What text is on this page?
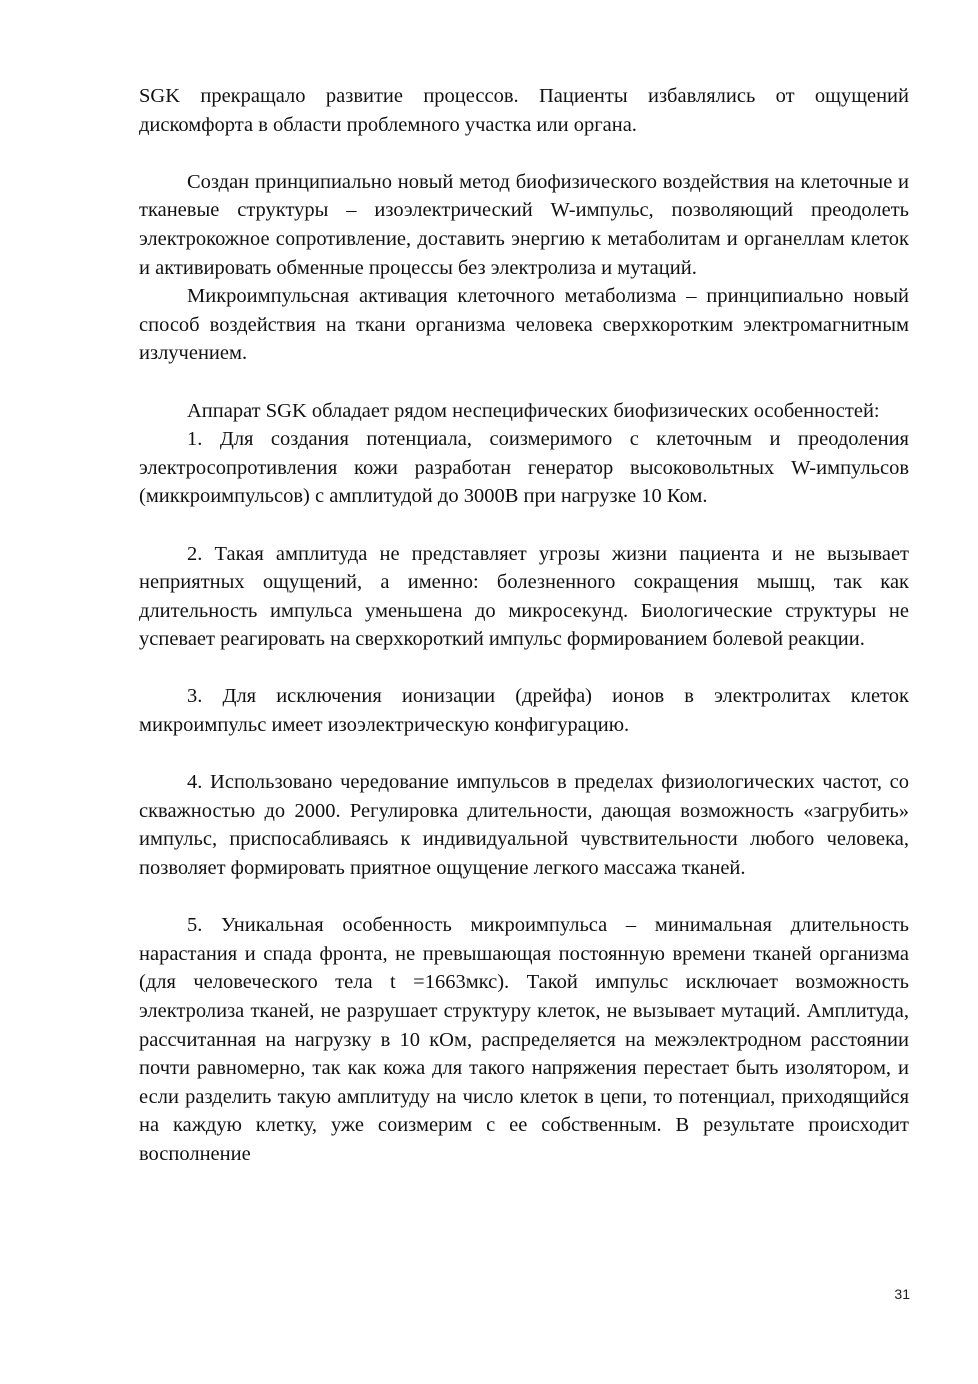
SGK прекращало развитие процессов. Пациенты избавлялись от ощущений дискомфорта в области проблемного участка или органа.

Создан принципиально новый метод биофизического воздействия на клеточные и тканевые структуры – изоэлектрический W-импульс, позволяющий преодолеть электрокожное сопротивление, доставить энергию к метаболитам и органеллам клеток и активировать обменные процессы без электролиза и мутаций.

Микроимпульсная активация клеточного метаболизма – принципиально новый способ воздействия на ткани организма человека сверхкоротким электромагнитным излучением.

Аппарат SGK обладает рядом неспецифических биофизических особенностей:

1. Для создания потенциала, соизмеримого с клеточным и преодоления электросопротивления кожи разработан генератор высоковольтных W-импульсов (миккроимпульсов) с амплитудой до 3000В при нагрузке 10 Ком.

2. Такая амплитуда не представляет угрозы жизни пациента и не вызывает неприятных ощущений, а именно: болезненного сокращения мышц, так как длительность импульса уменьшена до микросекунд. Биологические структуры не успевает реагировать на сверхкороткий импульс формированием болевой реакции.

3. Для исключения ионизации (дрейфа) ионов в электролитах клеток микроимпульс имеет изоэлектрическую конфигурацию.

4. Использовано чередование импульсов в пределах физиологических частот, со скважностью до 2000. Регулировка длительности, дающая возможность «загрубить» импульс, приспосабливаясь к индивидуальной чувствительности любого человека, позволяет формировать приятное ощущение легкого массажа тканей.

5. Уникальная особенность микроимпульса – минимальная длительность нарастания и спада фронта, не превышающая постоянную времени тканей организма (для человеческого тела t =1663мкс). Такой импульс исключает возможность электролиза тканей, не разрушает структуру клеток, не вызывает мутаций. Амплитуда, рассчитанная на нагрузку в 10 кОм, распределяется на межэлектродном расстоянии почти равномерно, так как кожа для такого напряжения перестает быть изолятором, и если разделить такую амплитуду на число клеток в цепи, то потенциал, приходящийся на каждую клетку, уже соизмерим с ее собственным. В результате происходит восполнение

31
